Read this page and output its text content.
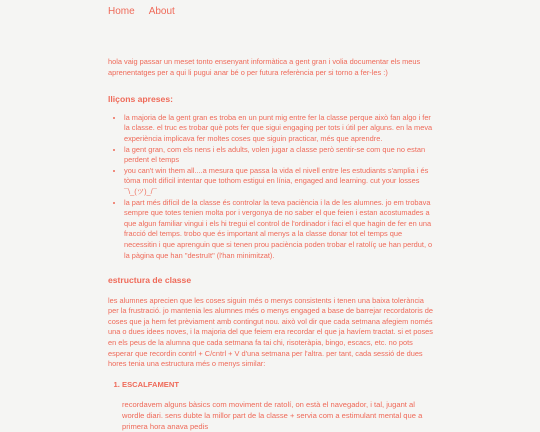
Home About

hola vaig passar un meset tonto ensenyant informàtica a gent gran i volia documentar els meus aprenentatges per a qui li pugui anar bé o per futura referència per si torno a fer-les :)

lliçons apreses:
• la majoria de la gent gran es troba en un punt mig entre fer la classe perque això fan algo i fer la classe. el truc es trobar què pots fer que sigui engaging per tots i útil per alguns. en la meva experiència implicava fer moltes coses que siguin practicar, més que aprendre.
• la gent gran, com els nens i els adults, volen jugar a classe però sentir-se com que no estan perdent el temps
• you can't win them all....a mesura que passa la vida el nivell entre les estudiants s'amplia i és tòma molt difícil intentar que tothom estigui en línia, engaged and learning. cut your losses ¯\_(ツ)_/¯
• la part més difícil de la classe és controlar la teva paciència i la de les alumnes. jo em trobava sempre que totes tenien molta por i vergonya de no saber el que feien i estan acostumades a que algun familiar vingui i els hi tregui el control de l'ordinador i faci el que hagin de fer en una fracció del temps. trobo que és important al menys a la classe donar tot el temps que necessitin i que aprenguin que si tenen prou paciència poden trobar el ratolíç ue han perdut, o la pàgina que han "destruït" (l'han minimitzat).
estructura de classe

les alumnes aprecien que les coses siguin més o menys consistents i tenen una baixa tolerància per la frustració. jo mantenia les alumnes més o menys engaged a base de barrejar recordatoris de coses que ja hem fet prèviament amb contingut nou. això vol dir que cada setmana afegiem només una o dues idees noves, i la majoria del que feiem era recordar el que ja havíem tractat. si et poses en els peus de la alumna que cada setmana fa tai chi, risoteràpia, bingo, escacs, etc. no pots esperar que recordin contrl + C/cntrl + V d'una setmana per l'altra. per tant, cada sessió de dues hores tenia una estructura més o menys similar:

1. ESCALFAMENT
recordavem alguns bàsics com moviment de ratolí, on està el navegador, i tal, jugant al wordle diari. sens dubte la millor part de la classe + servia com a estimulant mental que a primera hora anava pedis
